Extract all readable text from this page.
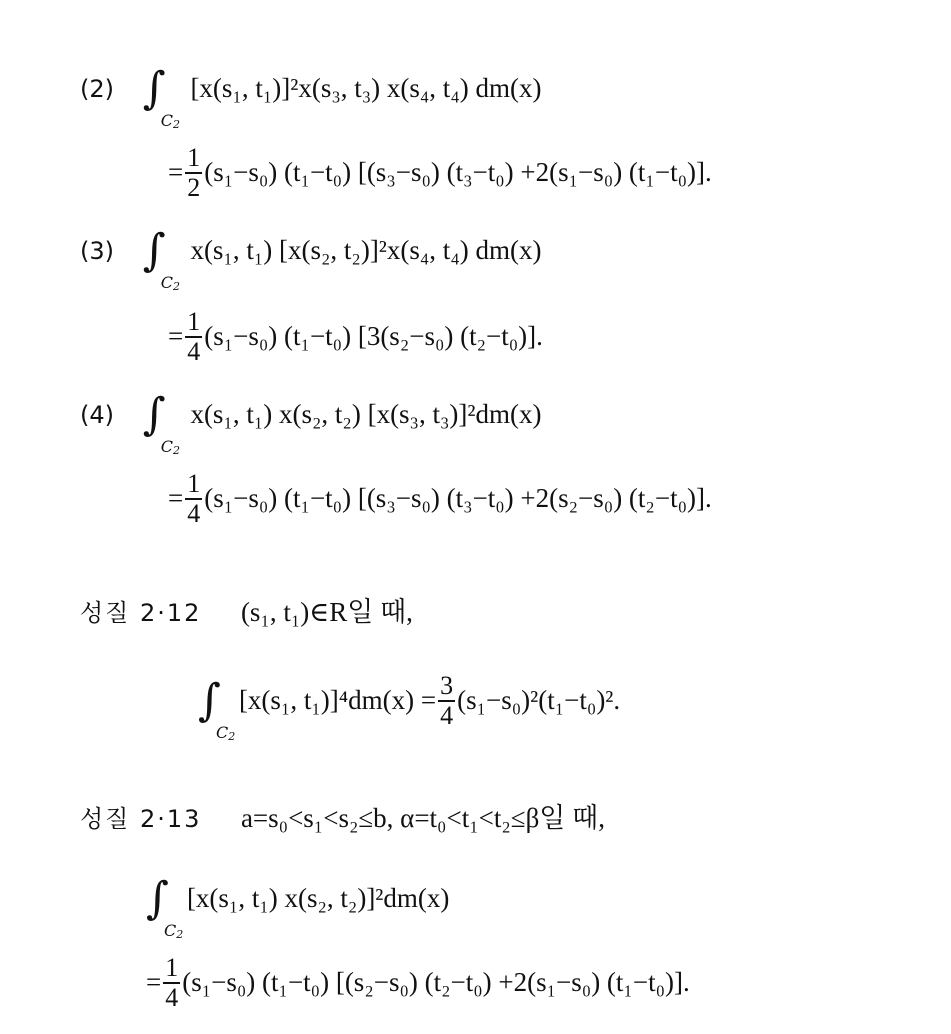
(2) ∫
$C_2$
[x(s₁, t₁)]²x(s₃, t₃) x(s₄, t₄) dm(x)
= $\frac{1}{2} (s_1-s_0)$ (t₁−t₀) [(s₃−s₀) (t₃−t₀) +2(s₁−s₀) (t₁−t₀)].
(3) ∫
$C_2$
x(s₁, t₁) [x(s₂, t₂)]²x(s₄, t₄) dm(x)
= $\frac{1}{4} (s_1-s_0)$ (t₁−t₀) [3(s₂−s₀) (t₂−t₀)].
(4) ∫
$C_2$
x(s₁, t₁) x(s₂, t₂) [x(s₃, t₃)]²dm(x)
= $\frac{1}{4} (s_1-s_0)$ (t₁−t₀) [(s₃−s₀) (t₃−t₀) +2(s₂−s₀) (t₂−t₀)].
성질 2·12 (s₁, t₁)∈R일 때,
∫
$C_2$
[x(s₁, $t_1)]^4dm(x) = \frac{3}{4} (s_1-s_0)^2(t_1-t_0)^2$.
성질 2·13 a=s₀<s₁<s₂≤b, α=t₀<t₁<t₂≤β일 때,
∫
$C_2$
[x(s₁, t₁) x(s₂, t₂)]²dm(x)
= $\frac{1}{4} (s_1-s_0)$ (t₁−t₀) [(s₂−s₀) (t₂−t₀) +2(s₁−s₀) (t₁−t₀)].
